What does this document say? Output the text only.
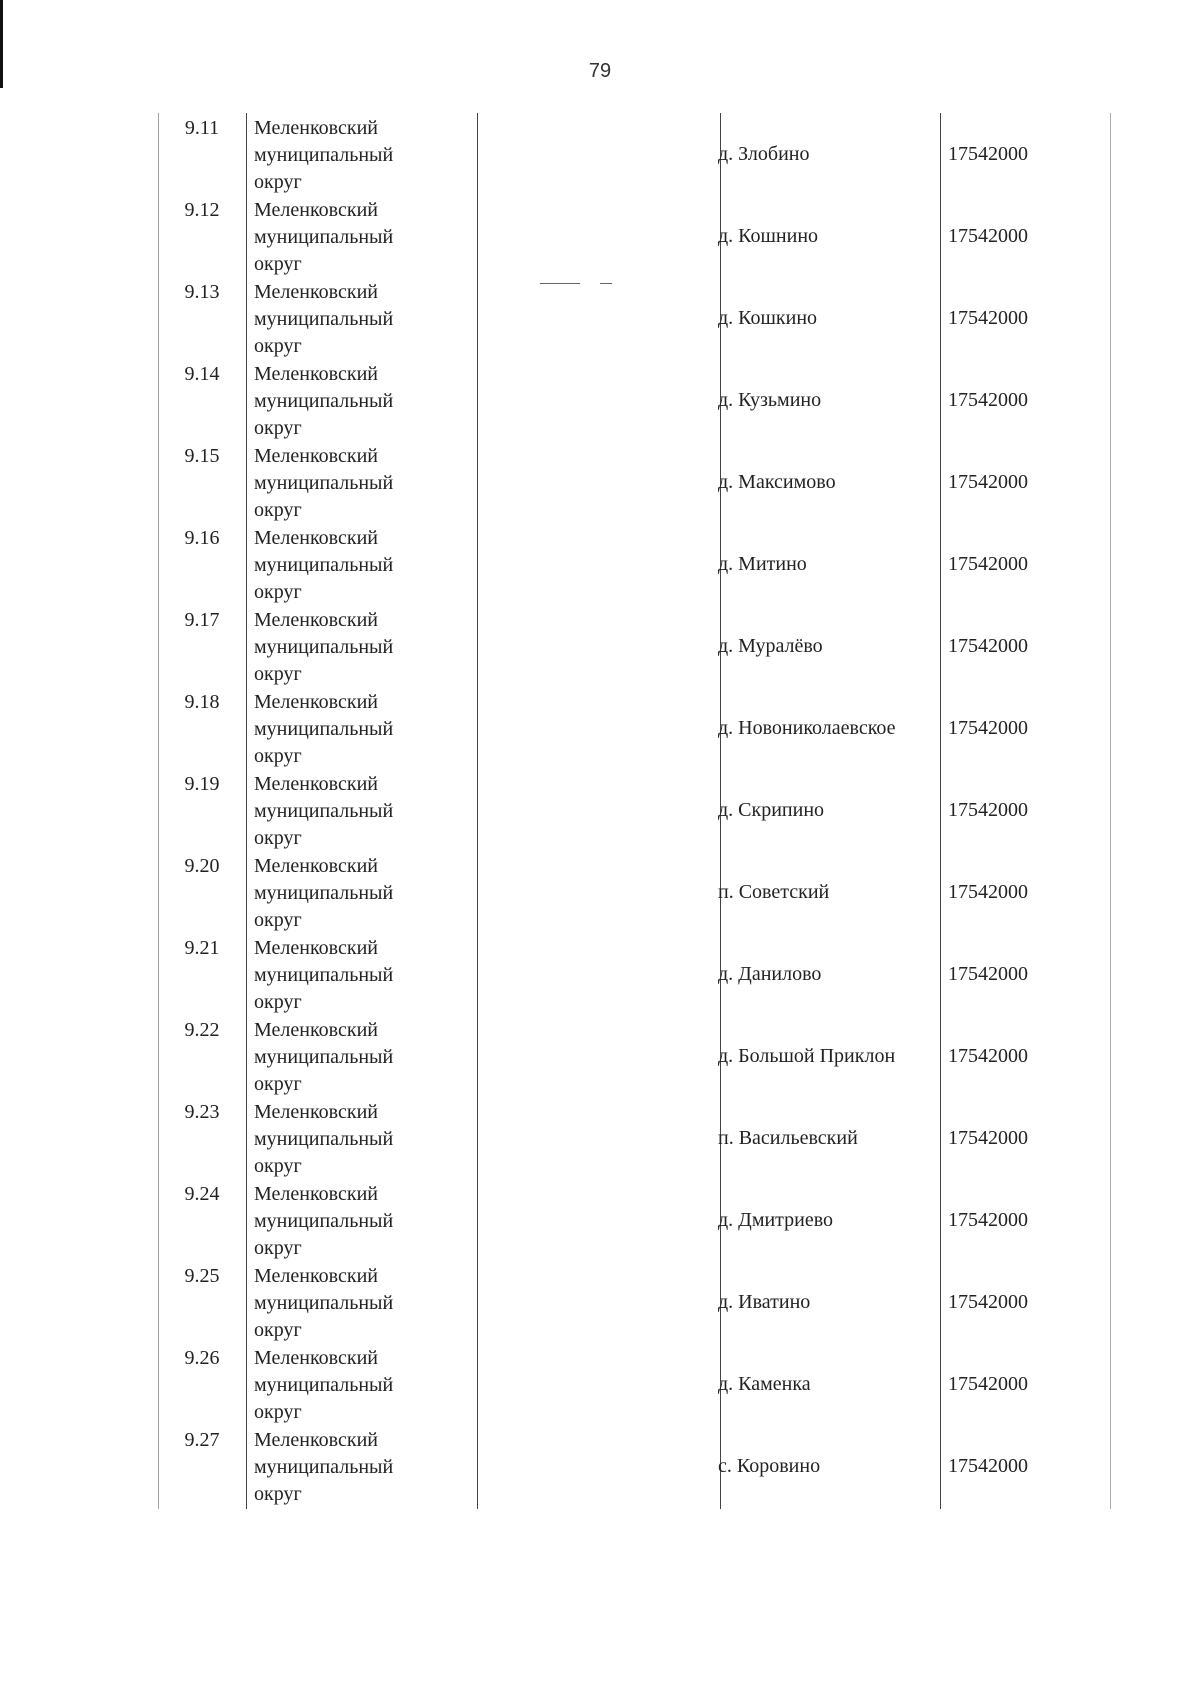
79
9.11	Меленковский
муниципальный
округ
д. Злобино	17542000
9.12	Меленковский
муниципальный
округ
д. Кошнино	17542000
9.13	Меленковский
муниципальный
округ
д. Кошкино	17542000
9.14	Меленковский
муниципальный
округ
д. Кузьмино	17542000
9.15	Меленковский
муниципальный
округ
д. Максимово	17542000
9.16	Меленковский
муниципальный
округ
д. Митино	17542000
9.17	Меленковский
муниципальный
округ
д. Муралёво	17542000
9.18	Меленковский
муниципальный
округ
д. Новониколаевское	17542000
9.19	Меленковский
муниципальный
округ
д. Скрипино	17542000
9.20	Меленковский
муниципальный
округ
п. Советский	17542000
9.21	Меленковский
муниципальный
округ
д. Данилово	17542000
9.22	Меленковский
муниципальный
округ
д. Большой Приклон	17542000
9.23	Меленковский
муниципальный
округ
п. Васильевский	17542000
9.24	Меленковский
муниципальный
округ
д. Дмитриево	17542000
9.25	Меленковский
муниципальный
округ
д. Иватино	17542000
9.26	Меленковский
муниципальный
округ
д. Каменка	17542000
9.27	Меленковский
муниципальный
округ
с. Коровино	17542000
